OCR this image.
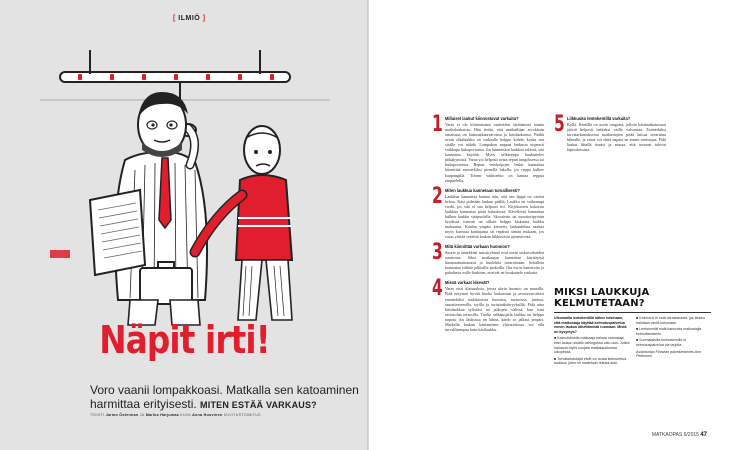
[ ILMIÖ ]
Näpit irti!
Voro vaanii lompakkoasi. Matkalla sen katoaminen
harmittaa erityisesti. MITEN ESTÄÄ VARKAUS?
TEKSTI Jarmo Österman JA Marika Harjumaa KUVA Anna Huovinen KUVITUSTOIMITUS
1 Millaiset laukut kiinnostavat varkaita?
Varas ei ole kiinnostunut vaatteiden täyttämistä tonnia matkalaukuista. Hän tietää, että matkailijan arvokkain omaisuus on käsimatkatavaroissa ja käsilaukuissa. Päältä avoin olkalaukku on varkaalle helppo kohde, koska sen sisälle voi nähdä. Lompakon nappaa laukusta nopeasti vaikkapa liukuportaissa. Jos kannoitkin laukkua selässä, sitä kannattaa käyttää. Myös selkäreppu houkuttelee pitkäkyntisiä. Varas voi helposti avata repun tungoksessa tai liukuportaissa. Repun vetoketjujen lenkit kannattaa kiinnittää esimerkiksi pienellä lukolla, jos reppu kulkee kaupungilla. Toinen vaihtoehto on kantaa reppua etupuolella.
2 Miten laukkua kannetaan turvallisesti?
Laukkua kannattaa kantaa niin, että sen läppä on vasten kehoa. Käsi pidetään laukun päällä. Laukku on vaikeampi viedä, jos sitä ei saa helposti irti. Kirjekuoren kokoista laukkua kannattaa pitää kainalossa. Kävellessä kannattaa kulkea laukku sisäpuolella. Skootterin tai moottoripyörän kyydissä istuvan on silloin helppo kiskaista laukku mukaansa. Kaulan ympäri kierretty laukunhihna saattaa myös kuristaa kantajansa tai repäistä tämän mukaan, jos varas yrittää vetäistä laukun liikkuvasta ajoneuvosta.
3 Mitä kiinnittää varkaan huomion?
Suuret ja äänekkäät turistiryhmät ovat usein taskuvarkaiden suosiossa. Siksi matkaajan kannattaa käyttäytyä huomaamattomasti ja huolehtia tavaroistaan. Selailleta kannattaa välttää julkisilla paikoilla. Ota myös kameroita ja puhelimia esille harkiten, etteivät ne houkuttele varkaita.
4 Missä varkaat iskevät?
Varas etsii tilaisuuksia, joissa uhrin huomio on muualla. Pidä erityisen hyvää huolta laukuistasi ja arvotavaroistasi esimerkiksi ruuhkaisissa bussissa, metroissa, junissa, rautatieasemilla, torilla ja turistinähtävyyksillä. Pidä aina käsilaukkua sylissäsi tai jalkojesi välissä, kun istut ravintolan terassilla. Tuolin selkänojalla laukku on helppo napata. Jos laukussa on hihna, kiedo se jalkasi ympäri. Matkalla laukun kantaminen ylävartalossa voi olla turvallisempaa kuin käsilaukku.
5 Liikkuuko lentokentillä varkaita?
Kyllä. Kentillä on usein tungosta, jolloin käsimatkatavarat jäävät helposti hetkeksi vaille valvontaa. Esimerkiksi turvatarkastuksessa matkustajien pitää laittaa tavaransa hihnalle, ja varas voi ehtiä napata ne ennen omistajaa. Pidä laukut lähellä itseäsi ja seuraa, että tavarasi tulevat läpivalaisusta.
MIKSI LAUKKUJA
KELMUTETAAN?
Ulkomailla lentokentillä näkee toisinaan, että matkustaja käyttää kelmutuspalvelua ennen laukun lähettämistä ruumaan. Mistä on kysymys?
■ Kelmutuksella matkaaja haluaa varmistaa, ettei laukun sisältö vahingossa valu ulos. Jotkut haluavat myös suojata matkalaukkunsa ulkopintaa.
■ Turvatarkastajat eivät voi avata kelmutettua laukkua, joten ne saatetaan leikata auki.
■ Kelmutus ei estä varastamista, jos laukku halutaan viedä kokonaan.
■ Lentokentät eivät kannusta matkustajia kelmuttamiseen.
■ Suomalaisilla lentoasemilla ei kelmutuspalvelua ole tarjolla.
Asiantuntija Finavian palveluesimies Ann Pekkonen
MATKAOPAS 6/2015 47
